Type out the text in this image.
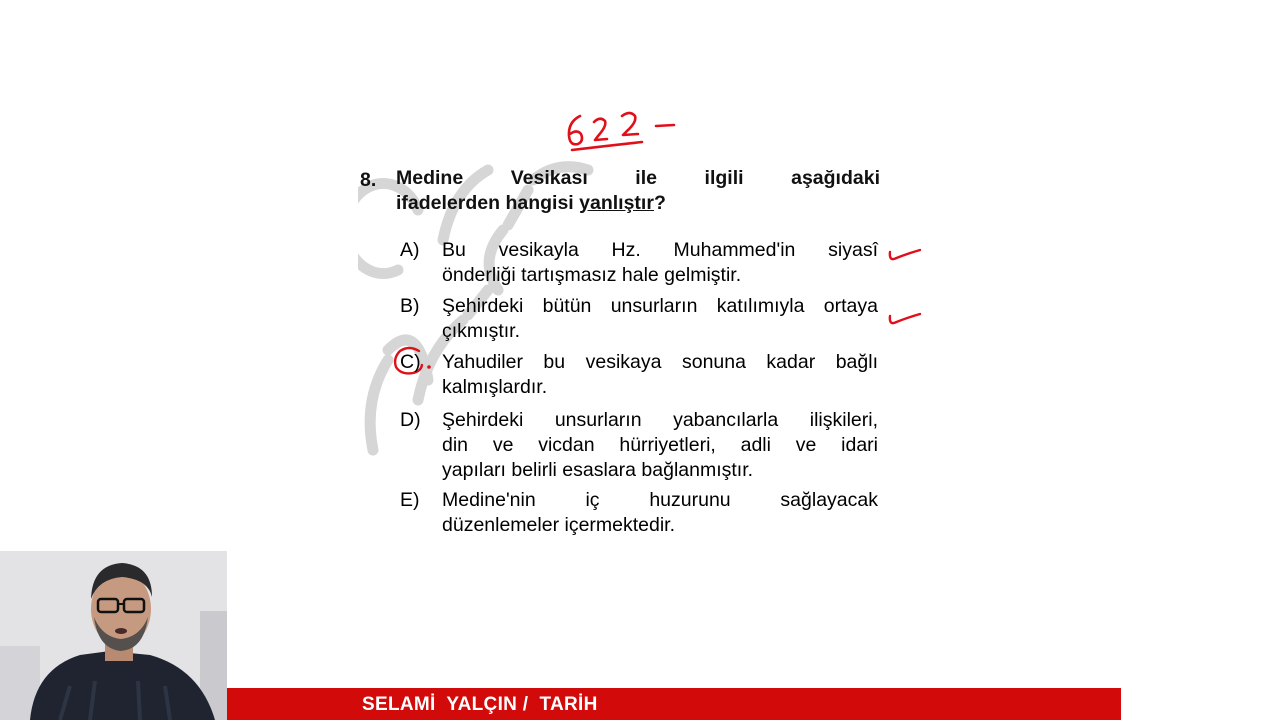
8. Medine Vesikası ile ilgili aşağıdaki
ifadelerden hangisi yanlıştır?
A) Bu vesikayla Hz. Muhammed'in siyasî
önderliği tartışmasız hale gelmiştir.
B) Şehirdeki bütün unsurların katılımıyla ortaya
çıkmıştır.
C) Yahudiler bu vesikaya sonuna kadar bağlı
kalmışlardır.
D) Şehirdeki unsurların yabancılarla ilişkileri,
din ve vicdan hürriyetleri, adli ve idari
yapıları belirli esaslara bağlanmıştır.
E) Medine'nin iç huzurunu sağlayacak
düzenlemeler içermektedir.
SELAMİ  YALÇIN /  TARİH
